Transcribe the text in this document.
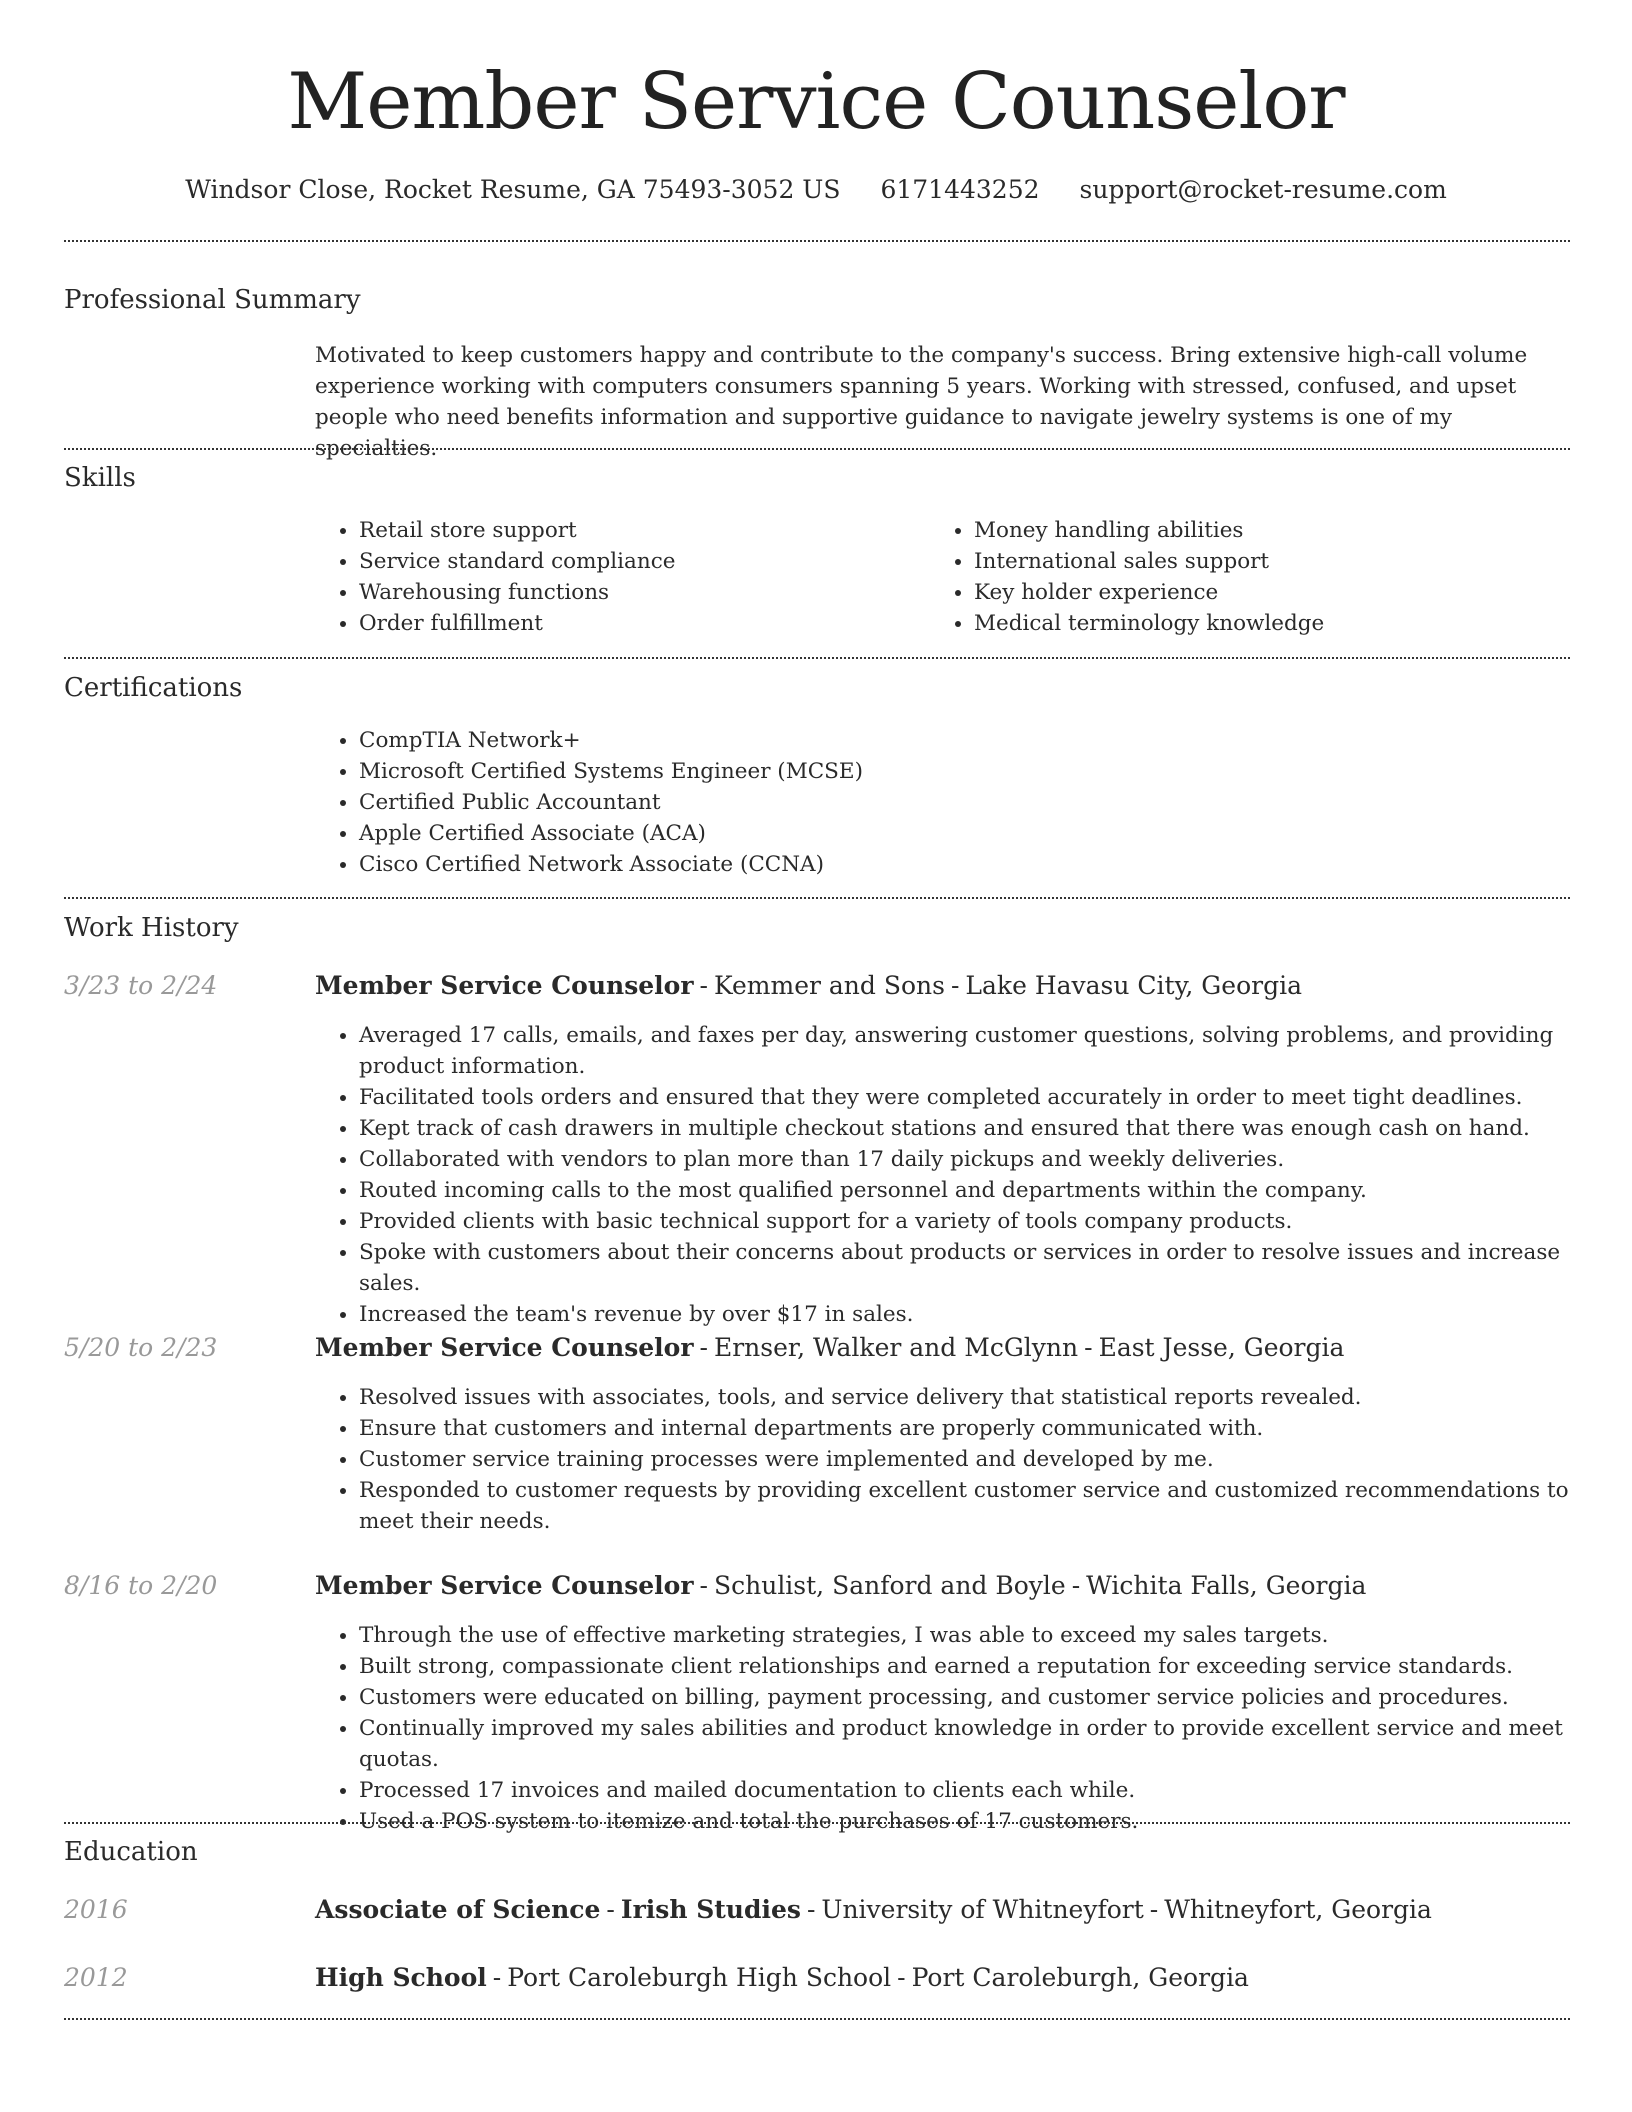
Member Service Counselor
Windsor Close, Rocket Resume, GA 75493-3052 US 6171443252 support@rocket-resume.com
Professional Summary

Motivated to keep customers happy and contribute to the company's success. Bring extensive high-call volume experience working with computers consumers spanning 5 years. Working with stressed, confused, and upset people who need benefits information and supportive guidance to navigate jewelry systems is one of my specialties.

Skills
• Retail store support
• Service standard compliance
• Warehousing functions
• Order fulfillment
• Money handling abilities
• International sales support
• Key holder experience
• Medical terminology knowledge
Certifications
• CompTIA Network+
• Microsoft Certified Systems Engineer (MCSE)
• Certified Public Accountant
• Apple Certified Associate (ACA)
• Cisco Certified Network Associate (CCNA)
Work History
3/23 to 2/24	Member Service Counselor - Kemmer and Sons - Lake Havasu City, Georgia
• Averaged 17 calls, emails, and faxes per day, answering customer questions, solving problems, and providing product information.
• Facilitated tools orders and ensured that they were completed accurately in order to meet tight deadlines.
• Kept track of cash drawers in multiple checkout stations and ensured that there was enough cash on hand.
• Collaborated with vendors to plan more than 17 daily pickups and weekly deliveries.
• Routed incoming calls to the most qualified personnel and departments within the company.
• Provided clients with basic technical support for a variety of tools company products.
• Spoke with customers about their concerns about products or services in order to resolve issues and increase sales.
• Increased the team's revenue by over $17 in sales.
5/20 to 2/23	Member Service Counselor - Ernser, Walker and McGlynn - East Jesse, Georgia
• Resolved issues with associates, tools, and service delivery that statistical reports revealed.
• Ensure that customers and internal departments are properly communicated with.
• Customer service training processes were implemented and developed by me.
• Responded to customer requests by providing excellent customer service and customized recommendations to meet their needs.
8/16 to 2/20	Member Service Counselor - Schulist, Sanford and Boyle - Wichita Falls, Georgia
• Through the use of effective marketing strategies, I was able to exceed my sales targets.
• Built strong, compassionate client relationships and earned a reputation for exceeding service standards.
• Customers were educated on billing, payment processing, and customer service policies and procedures.
• Continually improved my sales abilities and product knowledge in order to provide excellent service and meet quotas.
• Processed 17 invoices and mailed documentation to clients each while.
• Used a POS system to itemize and total the purchases of 17 customers.
Education
2016	Associate of Science - Irish Studies - University of Whitneyfort - Whitneyfort, Georgia
2012	High School - Port Caroleburgh High School - Port Caroleburgh, Georgia
